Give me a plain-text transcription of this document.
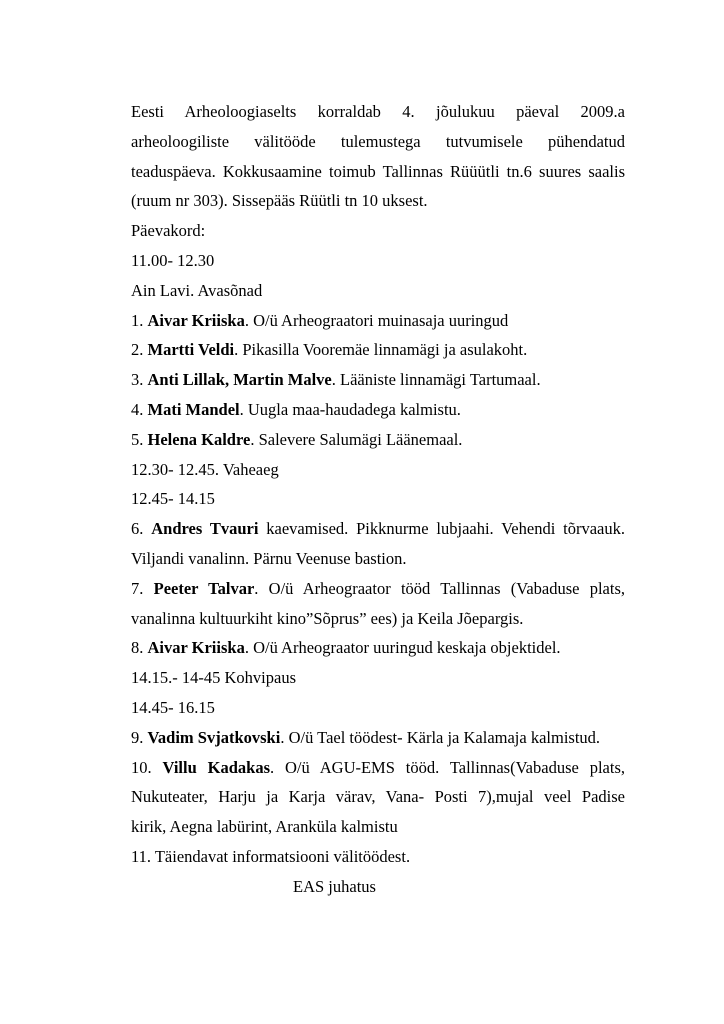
Eesti Arheoloogiaselts korraldab 4. jõulukuu päeval 2009.a
arheoloogiliste välitööde tulemustega tutvumisele pühendatud
teaduspäeva. Kokkusaamine toimub Tallinnas Rüüütli tn.6 suures saalis
(ruum nr 303). Sissepääs Rüütli tn 10 uksest.
Päevakord:
11.00- 12.30
Ain Lavi. Avasõnad
1. Aivar Kriiska. O/ü Arheograatori muinasaja uuringud
2. Martti Veldi. Pikasilla Vooremäe linnamägi ja asulakoht.
3. Anti Lillak, Martin Malve. Lääniste linnamägi Tartumaal.
4. Mati Mandel. Uugla maa-haudadega kalmistu.
5. Helena Kaldre. Salevere Salumägi Läänemaal.
12.30- 12.45. Vaheaeg
12.45- 14.15
6. Andres Tvauri kaevamised. Pikknurme lubjaahi. Vehendi tõrvaauk.
Viljandi vanalinn. Pärnu Veenuse bastion.
7. Peeter Talvar. O/ü Arheograator tööd Tallinnas (Vabaduse plats,
vanalinna kultuurkiht kino”Sõprus” ees) ja Keila Jõepargis.
8. Aivar Kriiska. O/ü Arheograator uuringud keskaja objektidel.
14.15.- 14-45 Kohvipaus
14.45- 16.15
9. Vadim Svjatkovski. O/ü Tael töödest- Kärla ja Kalamaja kalmistud.
10. Villu Kadakas. O/ü AGU-EMS tööd. Tallinnas(Vabaduse plats,
Nukuteater, Harju ja Karja värav, Vana- Posti 7),mujal veel Padise
kirik, Aegna labürint, Aranküla kalmistu
11. Täiendavat informatsiooni välitöödest.
EAS juhatus
